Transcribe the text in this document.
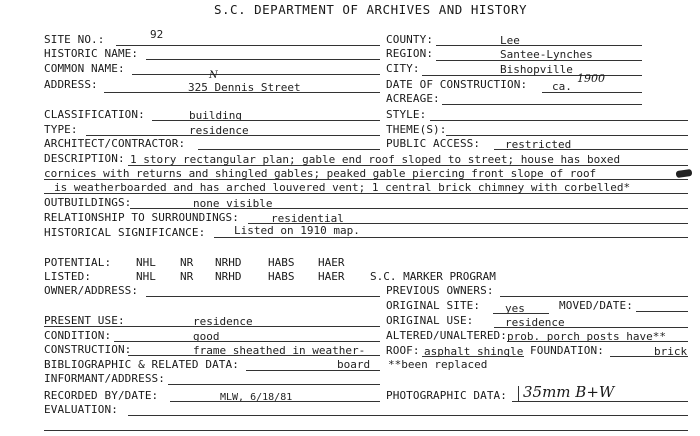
S.C. DEPARTMENT OF ARCHIVES AND HISTORY
SITE NO.:	92
HISTORIC NAME:
COMMON NAME:
ADDRESS:	325 Dennis Street
N
COUNTY:	Lee
REGION:	Santee-Lynches
CITY:	Bishopville
DATE OF CONSTRUCTION: ca.
1900
ACREAGE:
CLASSIFICATION:	building
TYPE:	residence
ARCHITECT/CONTRACTOR:
STYLE:
THEME(S):
PUBLIC ACCESS: restricted
DESCRIPTION: 1 story rectangular plan; gable end roof sloped to street; house has boxed
cornices with returns and shingled gables; peaked gable piercing front slope of roof
is weatherboarded and has arched louvered vent; 1 central brick chimney with corbelled*
OUTBUILDINGS:	none visible
RELATIONSHIP TO SURROUNDINGS:	residential
HISTORICAL SIGNIFICANCE:	Listed on 1910 map.
POTENTIAL: NHL NR NRHD HABS HAER
LISTED:	NHL NR NRHD HABS HAER S.C. MARKER PROGRAM
OWNER/ADDRESS:	PREVIOUS OWNERS:
ORIGINAL SITE: yes	MOVED/DATE:
PRESENT USE:	residence	ORIGINAL USE:	residence
CONDITION:	good	ALTERED/UNALTERED: prob. porch posts have**
CONSTRUCTION:	frame sheathed in weather- ROOF: asphalt shingle FOUNDATION:	brick
BIBLIOGRAPHIC & RELATED DATA:	board **been replaced
INFORMANT/ADDRESS:
RECORDED BY/DATE:	MLW, 6/18/81	PHOTOGRAPHIC DATA: 35mm B+W
EVALUATION:
